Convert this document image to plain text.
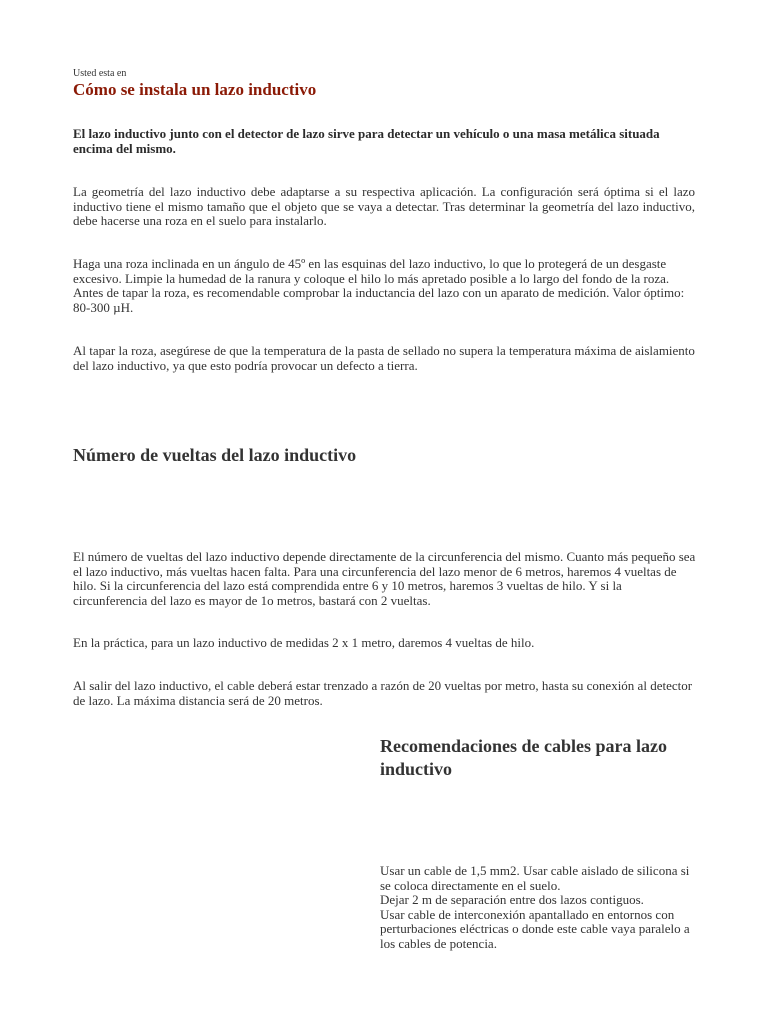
Usted esta en
Cómo se instala un lazo inductivo

El lazo inductivo junto con el detector de lazo sirve para detectar un vehículo o una masa metálica situada encima del mismo.

La geometría del lazo inductivo debe adaptarse a su respectiva aplicación. La configuración será óptima si el lazo inductivo tiene el mismo tamaño que el objeto que se vaya a detectar. Tras determinar la geometría del lazo inductivo, debe hacerse una roza en el suelo para instalarlo.

Haga una roza inclinada en un ángulo de 45º en las esquinas del lazo inductivo, lo que lo protegerá de un desgaste excesivo. Limpie la humedad de la ranura y coloque el hilo lo más apretado posible a lo largo del fondo de la roza. Antes de tapar la roza, es recomendable comprobar la inductancia del lazo con un aparato de medición. Valor óptimo: 80-300 µH.

Al tapar la roza, asegúrese de que la temperatura de la pasta de sellado no supera la temperatura máxima de aislamiento del lazo inductivo, ya que esto podría provocar un defecto a tierra.

Número de vueltas del lazo inductivo

El número de vueltas del lazo inductivo depende directamente de la circunferencia del mismo. Cuanto más pequeño sea el lazo inductivo, más vueltas hacen falta. Para una circunferencia del lazo menor de 6 metros, haremos 4 vueltas de hilo. Si la circunferencia del lazo está comprendida entre 6 y 10 metros, haremos 3 vueltas de hilo. Y si la circunferencia del lazo es mayor de 1o metros, bastará con 2 vueltas.

En la práctica, para un lazo inductivo de medidas 2 x 1 metro, daremos 4 vueltas de hilo.

Al salir del lazo inductivo, el cable deberá estar trenzado a razón de 20 vueltas por metro, hasta su conexión al detector de lazo. La máxima distancia será de 20 metros.

Recomendaciones de cables para lazo inductivo
Usar un cable de 1,5 mm2. Usar cable aislado de silicona si se coloca directamente en el suelo.
Dejar 2 m de separación entre dos lazos contiguos.
Usar cable de interconexión apantallado en entornos con perturbaciones eléctricas o donde este cable vaya paralelo a los cables de potencia.
